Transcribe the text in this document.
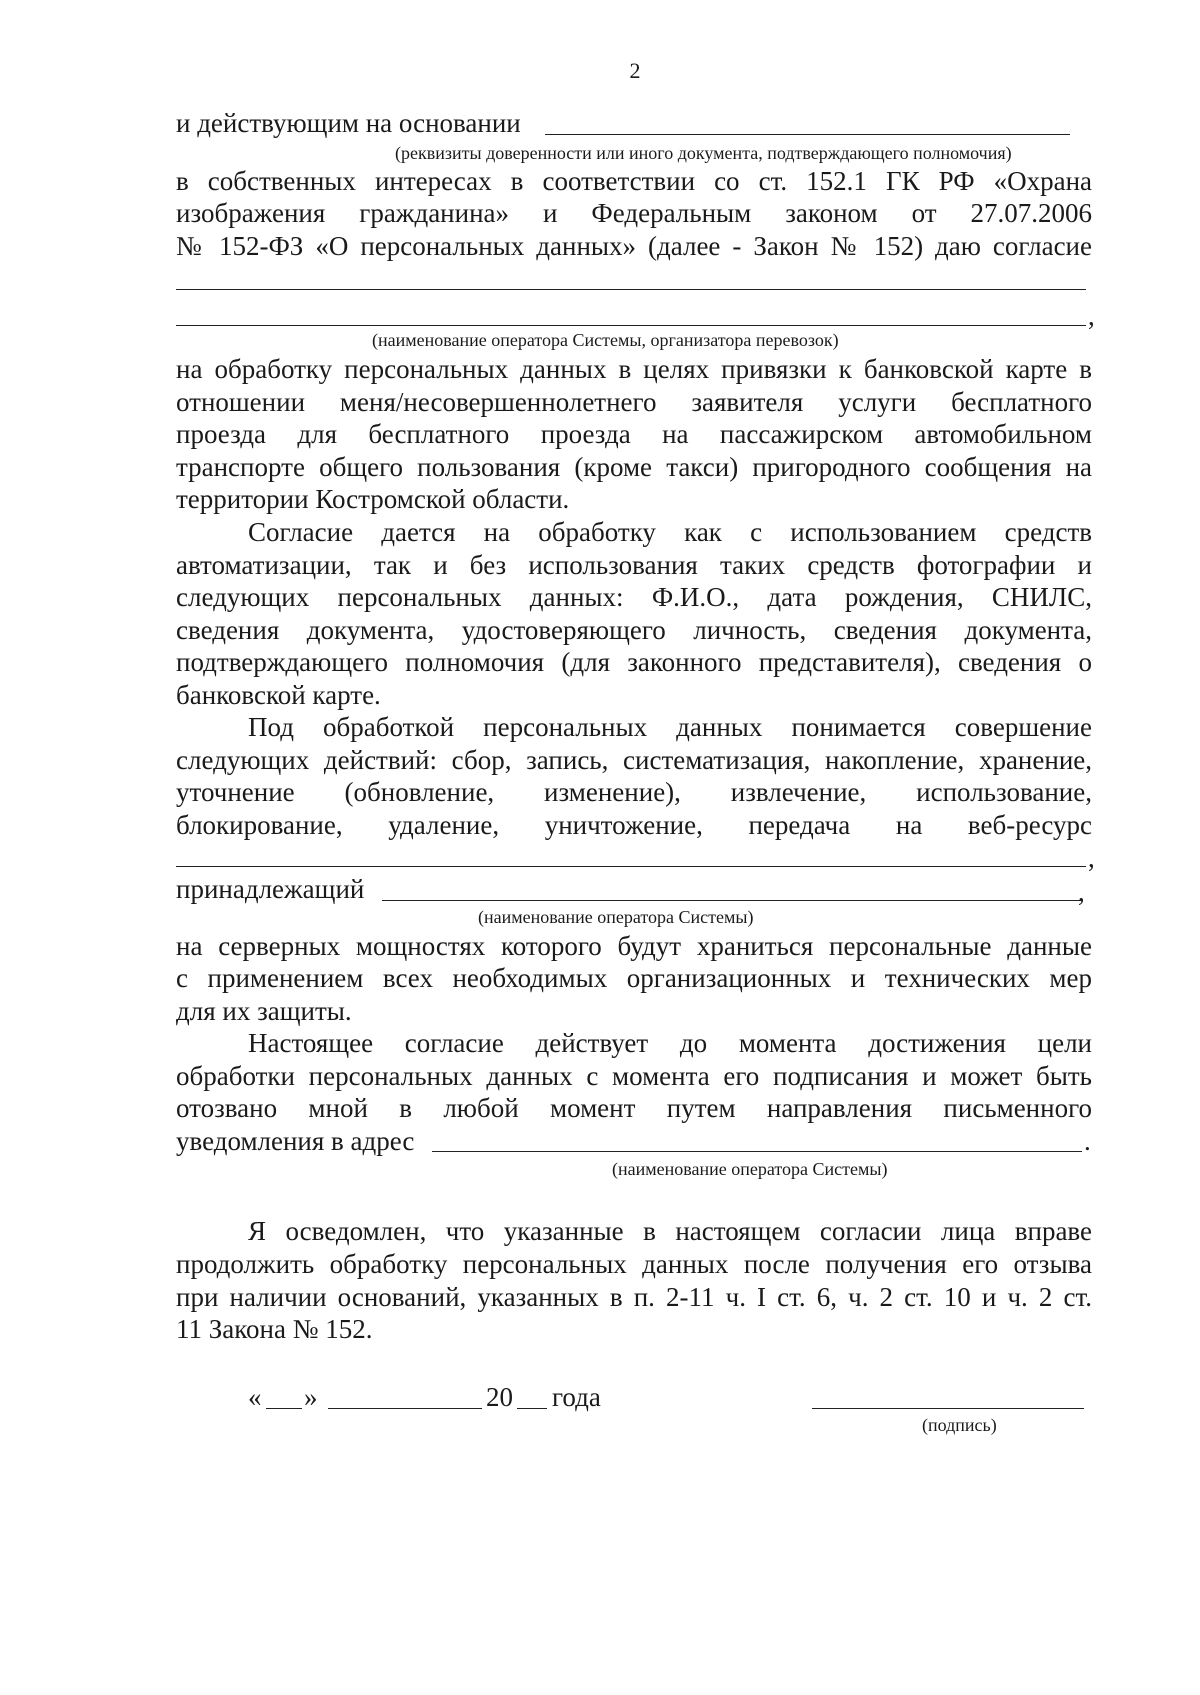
2
и действующим на основании
(реквизиты доверенности или иного документа, подтверждающего полномочия)
в собственных интересах в соответствии со ст. 152.1 ГК РФ «Охрана
изображения гражданина» и Федеральным законом от 27.07.2006
№ 152-ФЗ «О персональных данных» (далее - Закон № 152) даю согласие
,
(наименование оператора Системы, организатора перевозок)
на обработку персональных данных в целях привязки к банковской карте в
отношении меня/несовершеннолетнего заявителя услуги бесплатного
проезда для бесплатного проезда на пассажирском автомобильном
транспорте общего пользования (кроме такси) пригородного сообщения на
территории Костромской области.
Согласие дается на обработку как с использованием средств
автоматизации, так и без использования таких средств фотографии и
следующих персональных данных: Ф.И.О., дата рождения, СНИЛС,
сведения документа, удостоверяющего личность, сведения документа,
подтверждающего полномочия (для законного представителя), сведения о
банковской карте.
Под обработкой персональных данных понимается совершение
следующих действий: сбор, запись, систематизация, накопление, хранение,
уточнение (обновление, изменение), извлечение, использование,
блокирование, удаление, уничтожение, передача на веб-ресурс
,
принадлежащий	,
(наименование оператора Системы)
на серверных мощностях которого будут храниться персональные данные
с применением всех необходимых организационных и технических мер
для их защиты.
Настоящее согласие действует до момента достижения цели
обработки персональных данных с момента его подписания и может быть
отозвано мной в любой момент путем направления письменного
уведомления в адрес	.
(наименование оператора Системы)
Я осведомлен, что указанные в настоящем согласии лица вправе
продолжить обработку персональных данных после получения его отзыва
при наличии оснований, указанных в п. 2-11 ч. I ст. 6, ч. 2 ст. 10 и ч. 2 ст.
11 Закона № 152.
« »	20 года
(подпись)
